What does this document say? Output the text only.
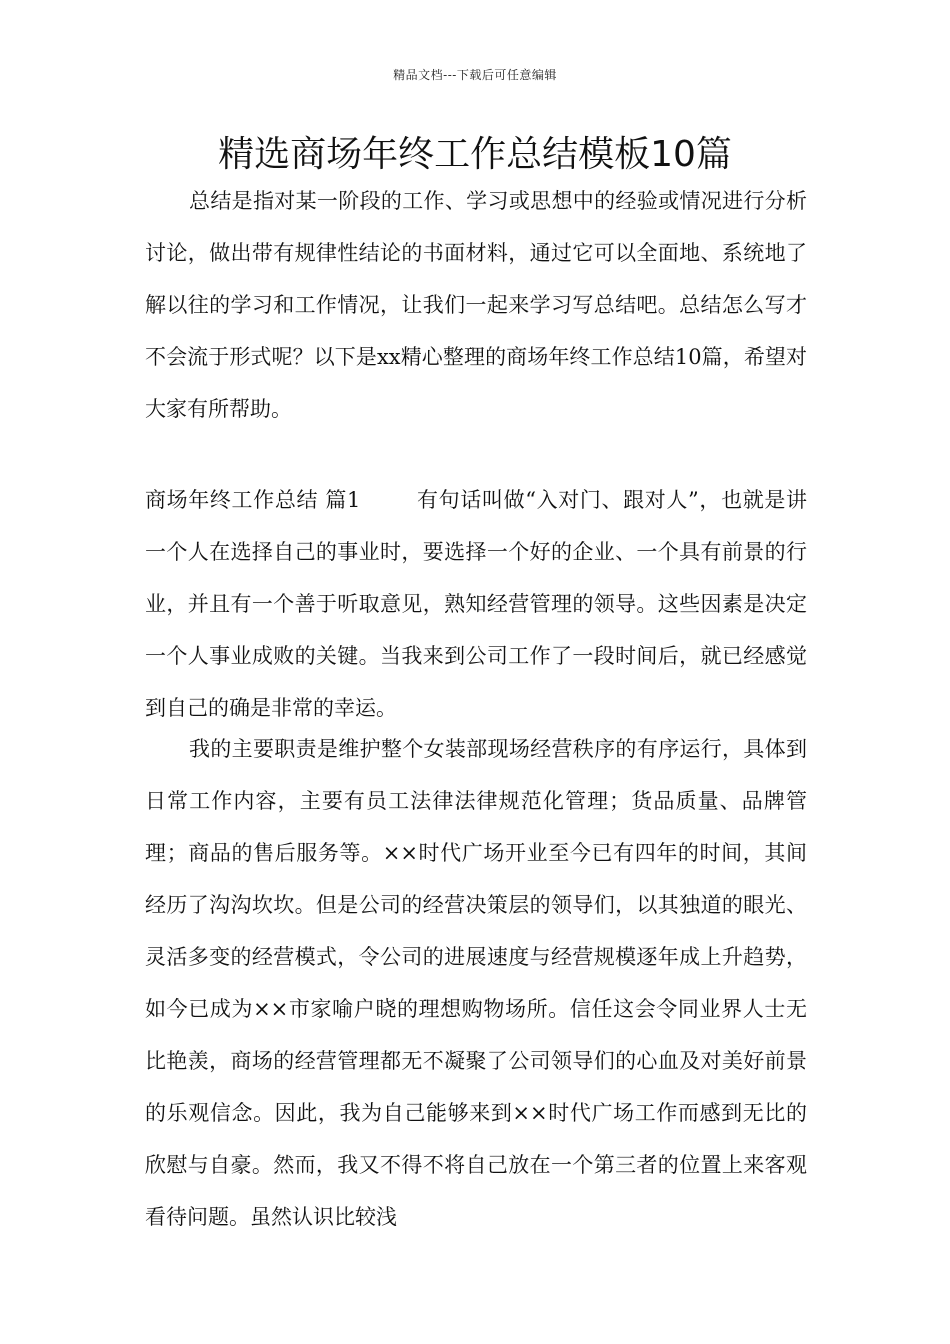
精品文档---下载后可任意编辑
精选商场年终工作总结模板10篇

总结是指对某一阶段的工作、学习或思想中的经验或情况进行分析讨论，做出带有规律性结论的书面材料，通过它可以全面地、系统地了解以往的学习和工作情况，让我们一起来学习写总结吧。总结怎么写才不会流于形式呢？以下是xx精心整理的商场年终工作总结10篇，希望对大家有所帮助。

商场年终工作总结 篇1	有句话叫做“入对门、跟对人”，也就是讲一个人在选择自己的事业时，要选择一个好的企业、一个具有前景的行业，并且有一个善于听取意见，熟知经营管理的领导。这些因素是决定一个人事业成败的关键。当我来到公司工作了一段时间后，就已经感觉到自己的确是非常的幸运。

我的主要职责是维护整个女装部现场经营秩序的有序运行，具体到日常工作内容，主要有员工法律法律规范化管理；货品质量、品牌管理；商品的售后服务等。××时代广场开业至今已有四年的时间，其间经历了沟沟坎坎。但是公司的经营决策层的领导们，以其独道的眼光、灵活多变的经营模式，令公司的进展速度与经营规模逐年成上升趋势，如今已成为××市家喻户晓的理想购物场所。信任这会令同业界人士无比艳羡，商场的经营管理都无不凝聚了公司领导们的心血及对美好前景的乐观信念。因此，我为自己能够来到××时代广场工作而感到无比的欣慰与自豪。然而，我又不得不将自己放在一个第三者的位置上来客观看待问题。虽然认识比较浅
